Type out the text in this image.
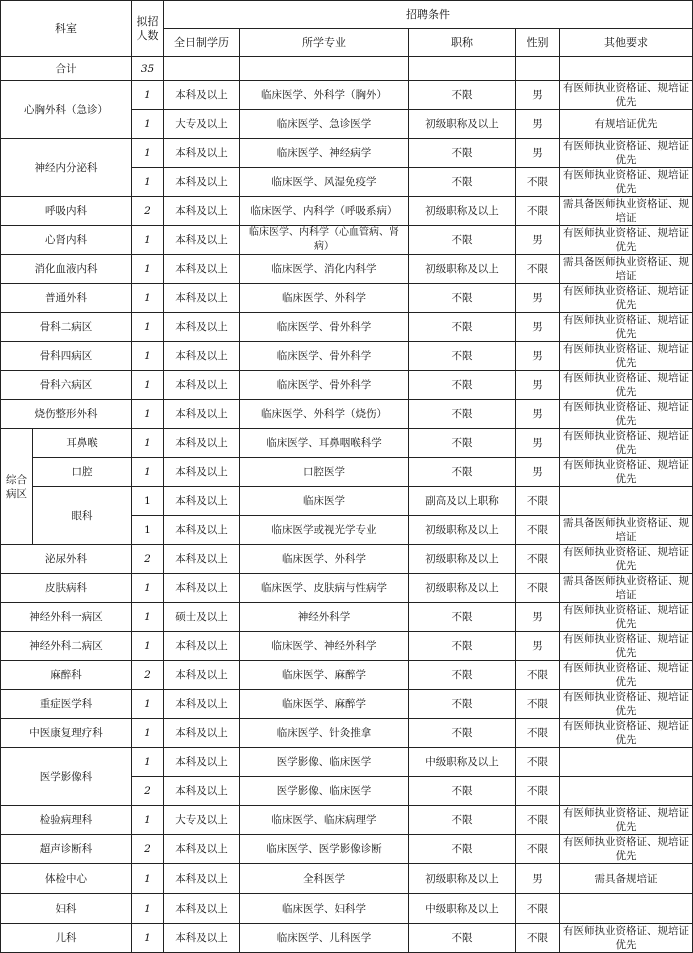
科室		拟招人数	招聘条件				
			全日制学历	所学专业	职称	性别	其他要求
合计		35					
心胸外科（急诊）		1	本科及以上	临床医学、外科学（胸外）	不限	男	有医师执业资格证、规培证优先
		1	大专及以上	临床医学、急诊医学	初级职称及以上	男	有规培证优先
神经内分泌科		1	本科及以上	临床医学、神经病学	不限	男	有医师执业资格证、规培证优先
		1	本科及以上	临床医学、风湿免疫学	不限	不限	有医师执业资格证、规培证优先
呼吸内科		2	本科及以上	临床医学、内科学（呼吸系病）	初级职称及以上	不限	需具备医师执业资格证、规培证
心肾内科		1	本科及以上	临床医学、内科学（心血管病、肾病）	不限	男	有医师执业资格证、规培证优先
消化血液内科		1	本科及以上	临床医学、消化内科学	初级职称及以上	不限	需具备医师执业资格证、规培证
普通外科		1	本科及以上	临床医学、外科学	不限	男	有医师执业资格证、规培证优先
骨科二病区		1	本科及以上	临床医学、骨外科学	不限	男	有医师执业资格证、规培证优先
骨科四病区		1	本科及以上	临床医学、骨外科学	不限	男	有医师执业资格证、规培证优先
骨科六病区		1	本科及以上	临床医学、骨外科学	不限	男	有医师执业资格证、规培证优先
烧伤整形外科		1	本科及以上	临床医学、外科学（烧伤）	不限	男	有医师执业资格证、规培证优先
综合病区	耳鼻喉	1	本科及以上	临床医学、耳鼻咽喉科学	不限	男	有医师执业资格证、规培证优先
	口腔	1	本科及以上	口腔医学	不限	男	有医师执业资格证、规培证优先
	眼科	1	本科及以上	临床医学	副高及以上职称	不限	
		1	本科及以上	临床医学或视光学专业	初级职称及以上	不限	需具备医师执业资格证、规培证
泌尿外科		2	本科及以上	临床医学、外科学	初级职称及以上	不限	有医师执业资格证、规培证优先
皮肤病科		1	本科及以上	临床医学、皮肤病与性病学	初级职称及以上	不限	需具备医师执业资格证、规培证
神经外科一病区		1	硕士及以上	神经外科学	不限	男	有医师执业资格证、规培证优先
神经外科二病区		1	本科及以上	临床医学、神经外科学	不限	男	有医师执业资格证、规培证优先
麻醉科		2	本科及以上	临床医学、麻醉学	不限	不限	有医师执业资格证、规培证优先
重症医学科		1	本科及以上	临床医学、麻醉学	不限	不限	有医师执业资格证、规培证优先
中医康复理疗科		1	本科及以上	临床医学、针灸推拿	不限	不限	有医师执业资格证、规培证优先
医学影像科		1	本科及以上	医学影像、临床医学	中级职称及以上	不限	
		2	本科及以上	医学影像、临床医学	不限	不限	
检验病理科		1	大专及以上	临床医学、临床病理学	不限	不限	有医师执业资格证、规培证优先
超声诊断科		2	本科及以上	临床医学、医学影像诊断	不限	不限	有医师执业资格证、规培证优先
体检中心		1	本科及以上	全科医学	初级职称及以上	男	需具备规培证
妇科		1	本科及以上	临床医学、妇科学	中级职称及以上	不限	
儿科		1	本科及以上	临床医学、儿科医学	不限	不限	有医师执业资格证、规培证优先
